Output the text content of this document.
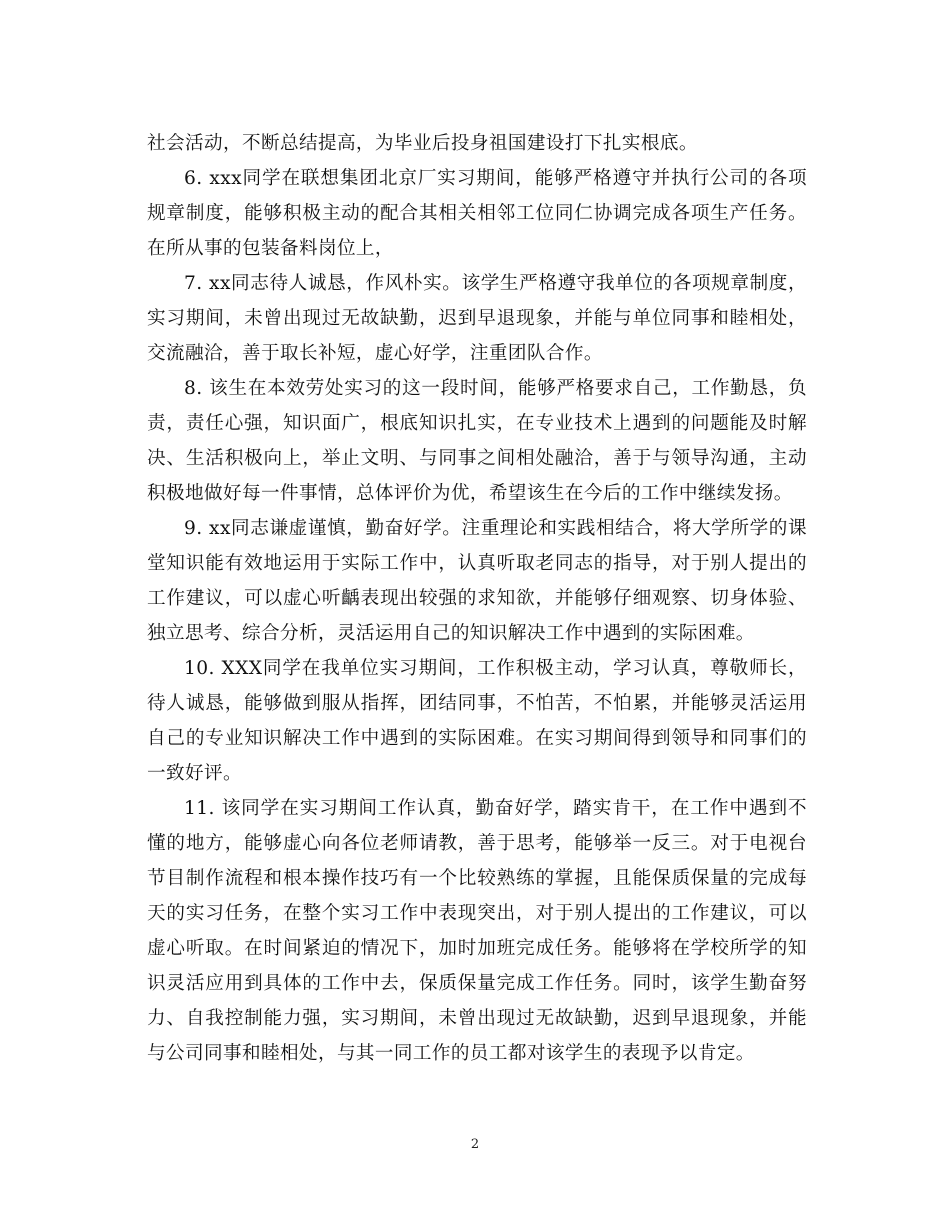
社会活动，不断总结提高，为毕业后投身祖国建设打下扎实根底。

6. xxx同学在联想集团北京厂实习期间，能够严格遵守并执行公司的各项规章制度，能够积极主动的配合其相关相邻工位同仁协调完成各项生产任务。在所从事的包装备料岗位上，

7. xx同志待人诚恳，作风朴实。该学生严格遵守我单位的各项规章制度，实习期间，未曾出现过无故缺勤，迟到早退现象，并能与单位同事和睦相处，交流融洽，善于取长补短，虚心好学，注重团队合作。

8. 该生在本效劳处实习的这一段时间，能够严格要求自己，工作勤恳，负责，责任心强，知识面广，根底知识扎实，在专业技术上遇到的问题能及时解决、生活积极向上，举止文明、与同事之间相处融洽，善于与领导沟通，主动积极地做好每一件事情，总体评价为优，希望该生在今后的工作中继续发扬。

9. xx同志谦虚谨慎，勤奋好学。注重理论和实践相结合，将大学所学的课堂知识能有效地运用于实际工作中，认真听取老同志的指导，对于别人提出的工作建议，可以虚心听齲表现出较强的求知欲，并能够仔细观察、切身体验、独立思考、综合分析，灵活运用自己的知识解决工作中遇到的实际困难。

10. XXX同学在我单位实习期间，工作积极主动，学习认真，尊敬师长，待人诚恳，能够做到服从指挥，团结同事，不怕苦，不怕累，并能够灵活运用自己的专业知识解决工作中遇到的实际困难。在实习期间得到领导和同事们的一致好评。

11. 该同学在实习期间工作认真，勤奋好学，踏实肯干，在工作中遇到不懂的地方，能够虚心向各位老师请教，善于思考，能够举一反三。对于电视台节目制作流程和根本操作技巧有一个比较熟练的掌握，且能保质保量的完成每天的实习任务，在整个实习工作中表现突出，对于别人提出的工作建议，可以虚心听取。在时间紧迫的情况下，加时加班完成任务。能够将在学校所学的知识灵活应用到具体的工作中去，保质保量完成工作任务。同时，该学生勤奋努力、自我控制能力强，实习期间，未曾出现过无故缺勤，迟到早退现象，并能与公司同事和睦相处，与其一同工作的员工都对该学生的表现予以肯定。

2
